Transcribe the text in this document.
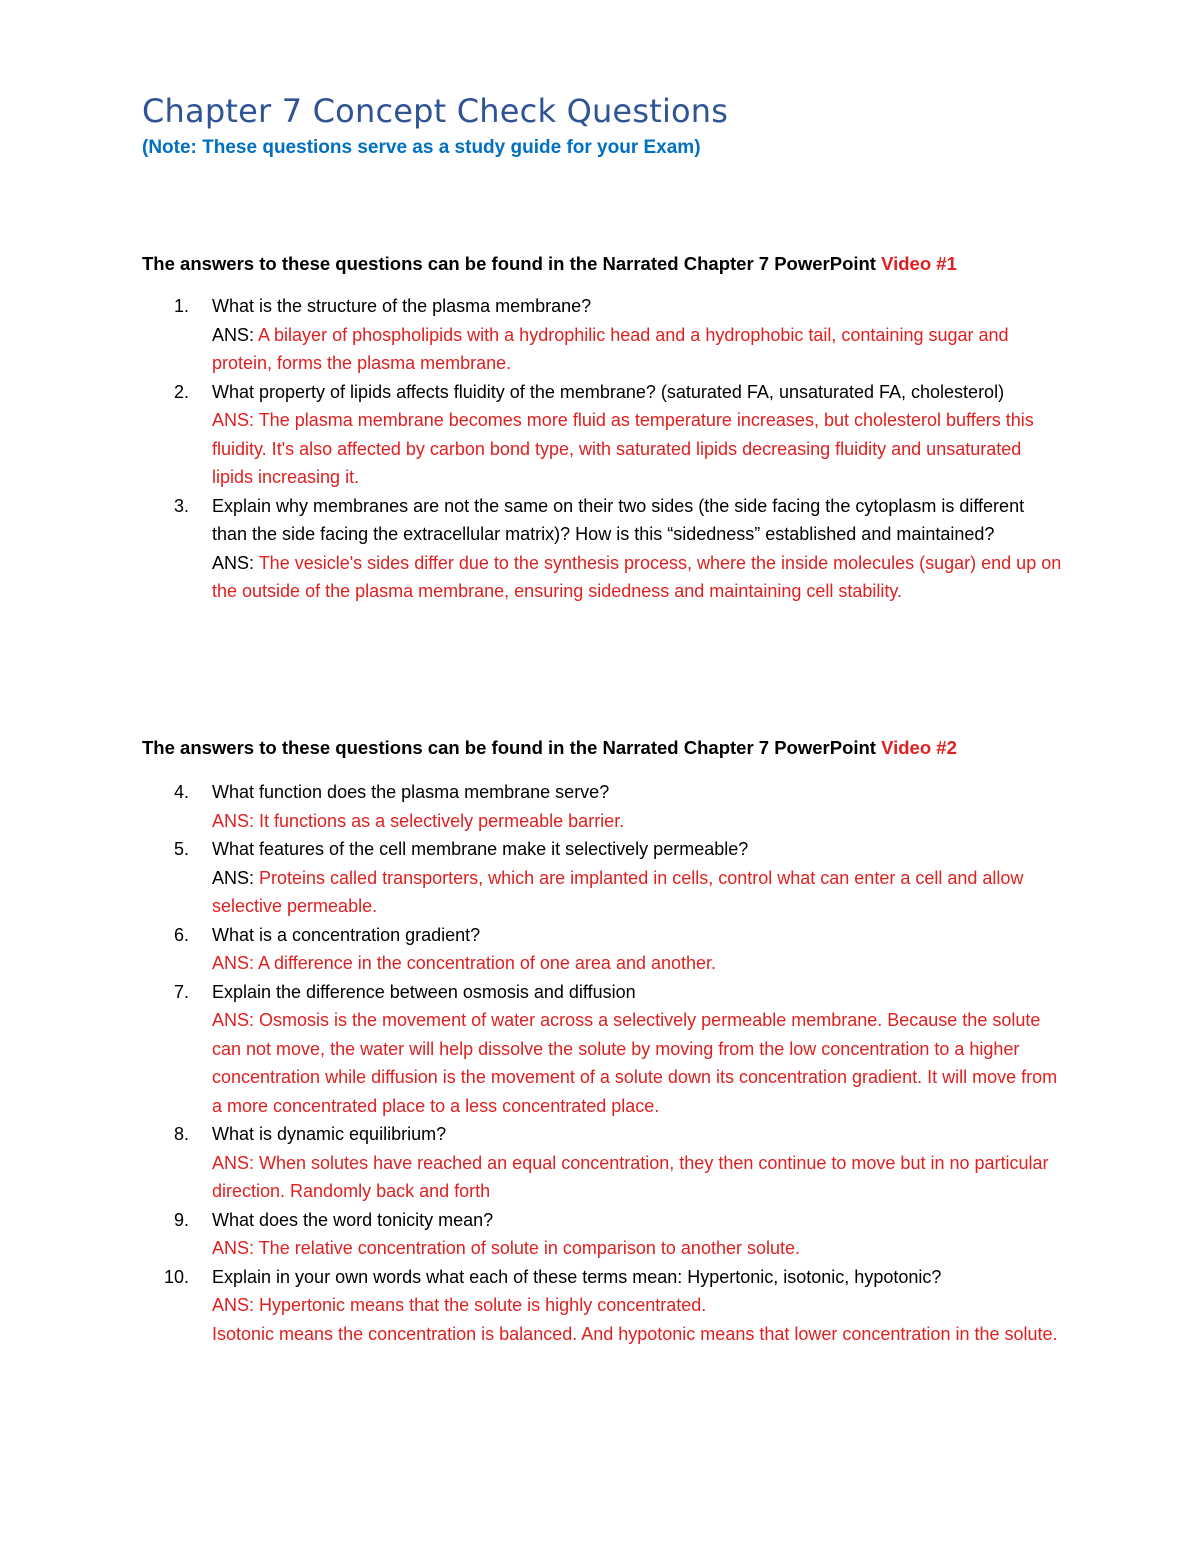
Chapter 7 Concept Check Questions

(Note: These questions serve as a study guide for your Exam)

The answers to these questions can be found in the Narrated Chapter 7 PowerPoint Video #1

1.	What is the structure of the plasma membrane?
ANS: A bilayer of phospholipids with a hydrophilic head and a hydrophobic tail, containing sugar and protein, forms the plasma membrane.
2.	What property of lipids affects fluidity of the membrane? (saturated FA, unsaturated FA, cholesterol)
ANS: The plasma membrane becomes more fluid as temperature increases, but cholesterol buffers this fluidity. It's also affected by carbon bond type, with saturated lipids decreasing fluidity and unsaturated lipids increasing it.
3.	Explain why membranes are not the same on their two sides (the side facing the cytoplasm is different than the side facing the extracellular matrix)? How is this “sidedness” established and maintained?
ANS: The vesicle's sides differ due to the synthesis process, where the inside molecules (sugar) end up on the outside of the plasma membrane, ensuring sidedness and maintaining cell stability.

The answers to these questions can be found in the Narrated Chapter 7 PowerPoint Video #2

4.	What function does the plasma membrane serve?
ANS: It functions as a selectively permeable barrier.
5.	What features of the cell membrane make it selectively permeable?
ANS: Proteins called transporters, which are implanted in cells, control what can enter a cell and allow selective permeable.
6.	What is a concentration gradient?
ANS: A difference in the concentration of one area and another.
7.	Explain the difference between osmosis and diffusion
ANS: Osmosis is the movement of water across a selectively permeable membrane. Because the solute can not move, the water will help dissolve the solute by moving from the low concentration to a higher concentration while diffusion is the movement of a solute down its concentration gradient. It will move from a more concentrated place to a less concentrated place.
8.	What is dynamic equilibrium?
ANS: When solutes have reached an equal concentration, they then continue to move but in no particular direction. Randomly back and forth
9.	What does the word tonicity mean?
ANS: The relative concentration of solute in comparison to another solute.
10. Explain in your own words what each of these terms mean: Hypertonic, isotonic, hypotonic?
ANS: Hypertonic means that the solute is highly concentrated.
Isotonic means the concentration is balanced. And hypotonic means that lower concentration in the solute.
